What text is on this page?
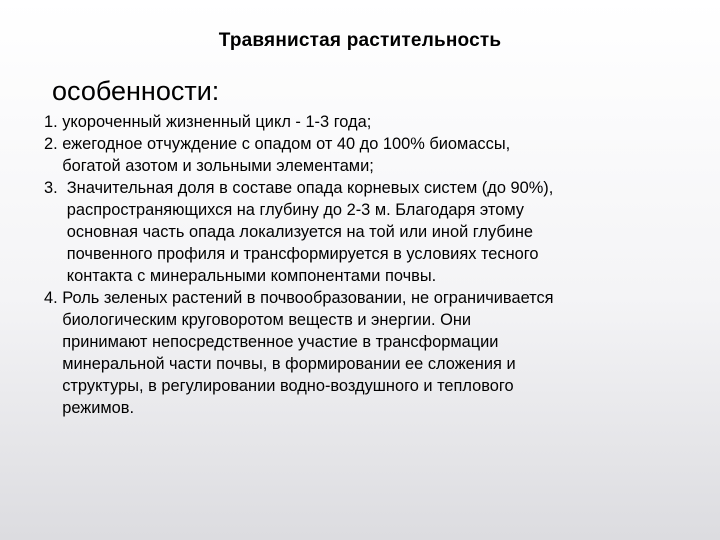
Травянистая растительность
особенности:
1. укороченный жизненный цикл - 1-3 года;
2. ежегодное отчуждение с опадом от 40 до 100% биомассы,
богатой азотом и зольными элементами;
3. Значительная доля в составе опада корневых систем (до 90%),
распространяющихся на глубину до 2-3 м. Благодаря этому
основная часть опада локализуется на той или иной глубине
почвенного профиля и трансформируется в условиях тесного
контакта с минеральными компонентами почвы.
4. Роль зеленых растений в почвообразовании, не ограничивается
биологическим круговоротом веществ и энергии. Они
принимают непосредственное участие в трансформации
минеральной части почвы, в формировании ее сложения и
структуры, в регулировании водно-воздушного и теплового
режимов.
